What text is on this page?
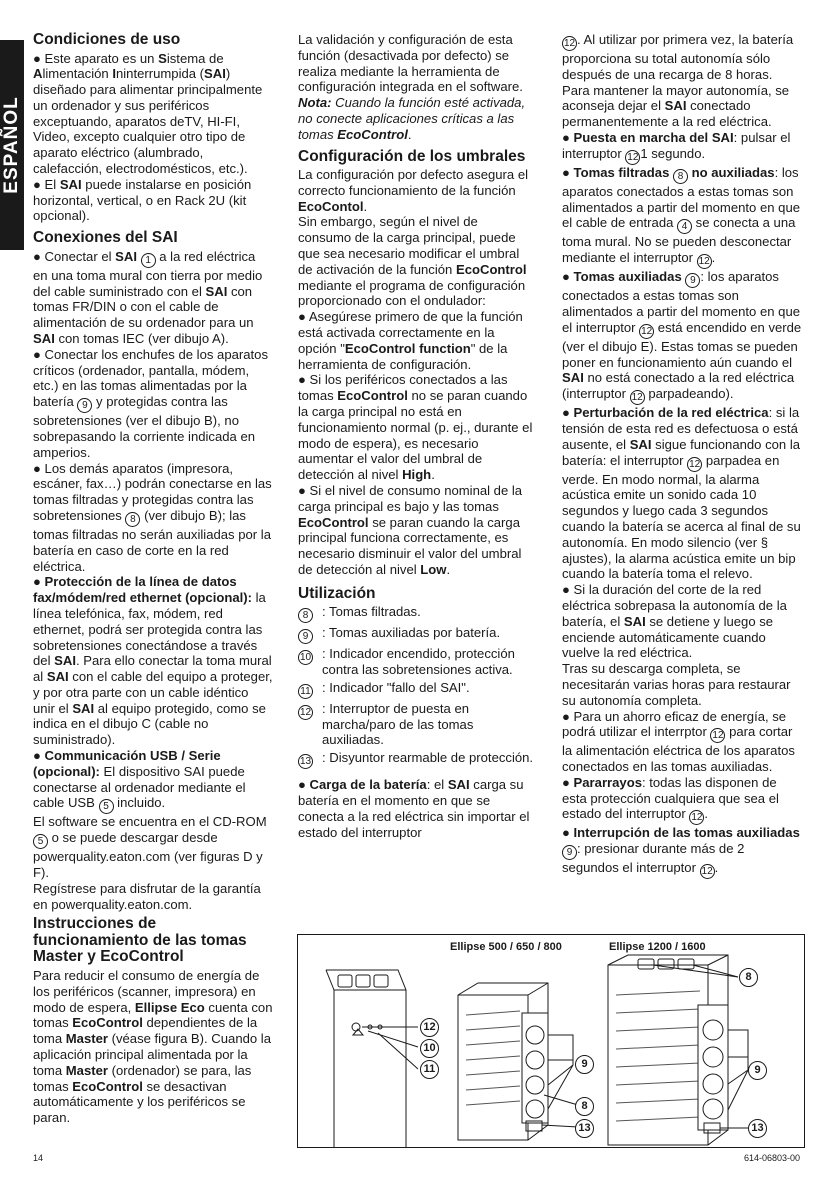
ESPAÑOL
Condiciones de uso

● Este aparato es un Sistema de Alimentación Ininterrumpida (SAI) diseñado para alimentar principalmente un ordenador y sus periféricos exceptuando, aparatos deTV, HI-FI, Video, excepto cualquier otro tipo de aparato eléctrico (alumbrado, calefacción, electrodomésticos, etc.).

● El SAI puede instalarse en posición horizontal, vertical, o en Rack 2U (kit opcional).

Conexiones del SAI

● Conectar el SAI 1 a la red eléctrica en una toma mural con tierra por medio del cable suministrado con el SAI con tomas FR/DIN o con el cable de alimentación de su ordenador para un SAI con tomas IEC (ver dibujo A).

● Conectar los enchufes de los aparatos críticos (ordenador, pantalla, módem, etc.) en las tomas alimentadas por la batería 9 y protegidas contra las sobretensiones (ver el dibujo B), no sobrepasando la corriente indicada en amperios.

● Los demás aparatos (impresora, escáner, fax…) podrán conectarse en las tomas filtradas y protegidas contra las sobretensiones 8 (ver dibujo B); las tomas filtradas no serán auxiliadas por la batería en caso de corte en la red eléctrica.

● Protección de la línea de datos fax/módem/red ethernet (opcional): la línea telefónica, fax, módem, red ethernet, podrá ser protegida contra las sobretensiones conectándose a través del SAI. Para ello conectar la toma mural al SAI con el cable del equipo a proteger, y por otra parte con un cable idéntico unir el SAI al equipo protegido, como se indica en el dibujo C (cable no suministrado).

● Communicación USB / Serie (opcional): El dispositivo SAI puede conectarse al ordenador mediante el cable USB 5 incluido.

El software se encuentra en el CD-ROM 5 o se puede descargar desde powerquality.eaton.com (ver figuras D y F).

Regístrese para disfrutar de la garantía en powerquality.eaton.com.

Instrucciones de funcionamiento de las tomas Master y EcoControl

Para reducir el consumo de energía de los periféricos (scanner, impresora) en modo de espera, Ellipse Eco cuenta con tomas EcoControl dependientes de la toma Master (véase figura B). Cuando la aplicación principal alimentada por la toma Master (ordenador) se para, las tomas EcoControl se desactivan automáticamente y los periféricos se paran.

La validación y configuración de esta función (desactivada por defecto) se realiza mediante la herramienta de configuración integrada en el software.

Nota: Cuando la función esté activada, no conecte aplicaciones críticas a las tomas EcoControl.

Configuración de los umbrales

La configuración por defecto asegura el correcto funcionamiento de la función EcoContol.

Sin embargo, según el nivel de consumo de la carga principal, puede que sea necesario modificar el umbral de activación de la función EcoControl mediante el programa de configuración proporcionado con el ondulador:

● Asegúrese primero de que la función está activada correctamente en la opción "EcoControl function" de la herramienta de configuración.

● Si los periféricos conectados a las tomas EcoControl no se paran cuando la carga principal no está en funcionamiento normal (p. ej., durante el modo de espera), es necesario aumentar el valor del umbral de detección al nivel High.

● Si el nivel de consumo nominal de la carga principal es bajo y las tomas EcoControl se paran cuando la carga principal funciona correctamente, es necesario disminuir el valor del umbral de detección al nivel Low.

Utilización
8	: Tomas filtradas.
9	: Tomas auxiliadas por batería.
10 : Indicador encendido, protección contra las sobretensiones activa.
11 : Indicador "fallo del SAI".
12 : Interruptor de puesta en marcha/paro de las tomas auxiliadas.
13 : Disyuntor rearmable de protección.

● Carga de la batería: el SAI carga su batería en el momento en que se conecta a la red eléctrica sin importar el estado del interruptor

12 . Al utilizar por primera vez, la batería proporciona su total autonomía sólo después de una recarga de 8 horas. Para mantener la mayor autonomía, se aconseja dejar el SAI conectado permanentemente a la red eléctrica.

● Puesta en marcha del SAI: pulsar el interruptor 12 1 segundo.

● Tomas filtradas 8 no auxiliadas: los aparatos conectados a estas tomas son alimentados a partir del momento en que el cable de entrada 4 se conecta a una toma mural. No se pueden desconectar mediante el interruptor 12 .

● Tomas auxiliadas 9 : los aparatos conectados a estas tomas son alimentados a partir del momento en que el interruptor 12 está encendido en verde (ver el dibujo E). Estas tomas se pueden poner en funcionamiento aún cuando el SAI no está conectado a la red eléctrica (interruptor 12 parpadeando).

● Perturbación de la red eléctrica: si la tensión de esta red es defectuosa o está ausente, el SAI sigue funcionando con la batería: el interruptor 12 parpadea en verde. En modo normal, la alarma acústica emite un sonido cada 10 segundos y luego cada 3 segundos cuando la batería se acerca al final de su autonomía. En modo silencio (ver § ajustes), la alarma acústica emite un bip cuando la batería toma el relevo.

● Si la duración del corte de la red eléctrica sobrepasa la autonomía de la batería, el SAI se detiene y luego se enciende automáticamente cuando vuelve la red eléctrica.

Tras su descarga completa, se necesitarán varias horas para restaurar su autonomía completa.

● Para un ahorro eficaz de energía, se podrá utilizar el interrptor 12 para cortar la alimentación eléctrica de los aparatos conectados en las tomas auxiliadas.

● Pararrayos: todas las disponen de esta protección cualquiera que sea el estado del interruptor 12 .

● Interrupción de las tomas auxiliadas 9 : presionar durante más de 2 segundos el interruptor 12 .

Ellipse 500 / 650 / 800	Ellipse 1200 / 1600
12
10
11	9
8
13
8
9
13
14	614-06803-00
